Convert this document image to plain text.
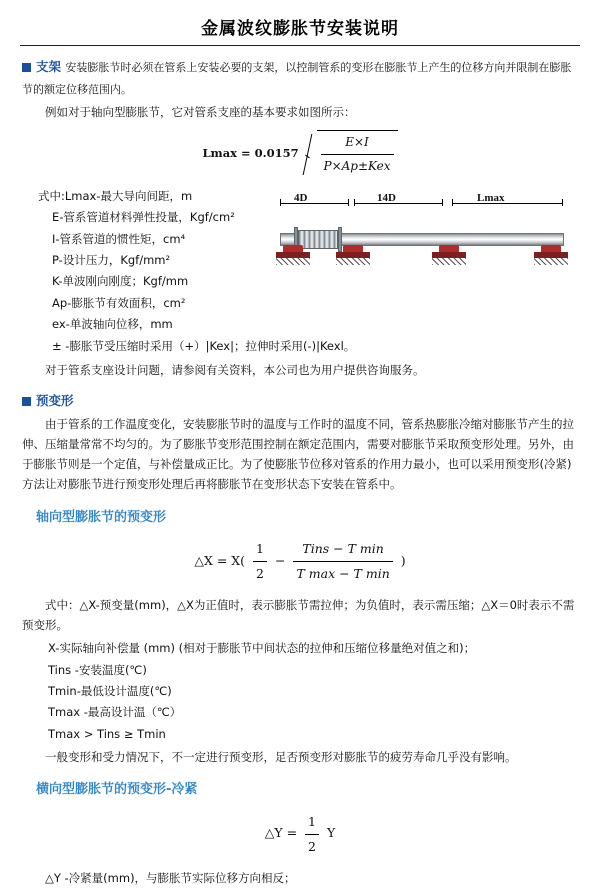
金属波纹膨胀节安装说明

支架 安装膨胀节时必须在管系上安装必要的支架，以控制管系的变形在膨胀节上产生的位移方向并限制在膨胀节的额定位移范围内。

例如对于轴向型膨胀节，它对管系支座的基本要求如图所示：

$Lmax = 0.0157 \frac{E\times I}{\text{P×Ap±Kex}}$
4D	14D	Lmax

式中:Lmax-最大导向间距，m

E-管系管道材料弹性投量，Kgf/cm²

I-管系管道的惯性矩，cm⁴

P-设计压力，Kgf/mm²

K-单波刚向刚度；Kgf/mm

Ap-膨胀节有效面积，cm²

ex-单波轴向位移，mm

± -膨胀节受压缩时采用（+）|Kex|；拉伸时采用(-)|Kexl。

对于管系支座设计问题，请参阅有关资料，本公司也为用户提供咨询服务。

预变形

由于管系的工作温度变化，安装膨胀节时的温度与工作时的温度不同，管系热膨胀冷缩对膨胀节产生的拉伸、压缩量常常不均匀的。为了膨胀节变形范围控制在额定范围内，需要对膨胀节采取预变形处理。另外，由于膨胀节则是一个定值，与补偿量成正比。为了使膨胀节位移对管系的作用力最小，也可以采用预变形(冷紧)方法让对膨胀节进行预变形处理后再将膨胀节在变形状态下安装在管系中。

轴向型膨胀节的预变形
△X = $X( \frac{1}{2} - \frac{\text{Tins − T min}}{\text{T max − T min}}$ )

式中：△X-预变量(mm)，△X为正值时，表示膨胀节需拉伸；为负值时，表示需压缩；△X＝0时表示不需预变形。

X-实际轴向补偿量 (mm) (相对于膨胀节中间状态的拉伸和压缩位移量绝对值之和)；

Tins -安装温度(℃)

Tmin-最低设计温度(℃)

Tmax -最高设计温（℃）

Tmax > Tins ≥ Tmin

一般变形和受力情况下，不一定进行预变形，足否预变形对膨胀节的疲劳寿命几乎没有影响。

横向型膨胀节的预变形-冷紧
△Y = $\frac{1}{2}$ Y

△Y -冷紧量(mm)，与膨胀节实际位移方向相反；
